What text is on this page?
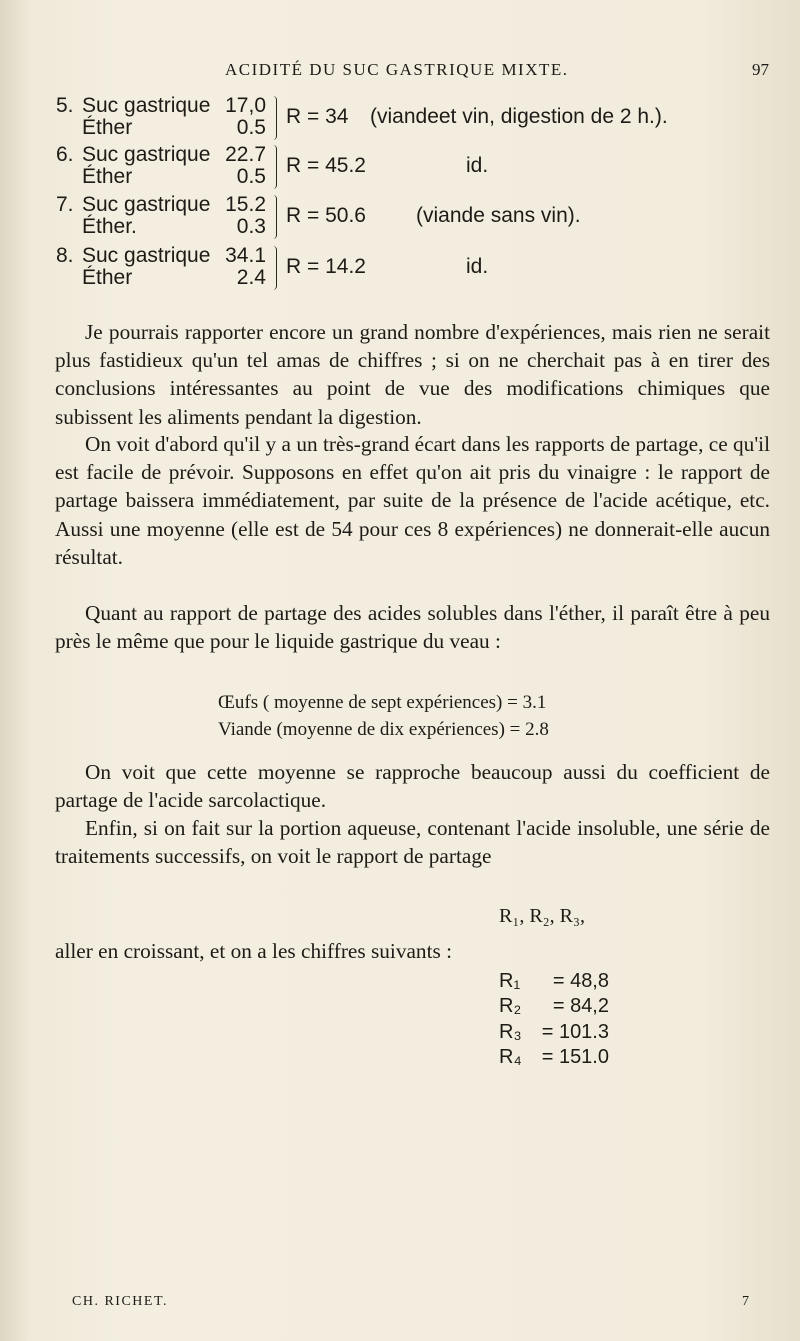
ACIDITÉ DU SUC GASTRIQUE MIXTE.	97
5. Suc gastrique 17,0
Éther	0.5 R = 34 (viandeet vin, digestion de 2 h.).
6. Suc gastrique 22.7
Éther	0.5 R = 45.2	id.
7. Suc gastrique 15.2
Éther.	0.3 R = 50.6 (viande sans vin).
8. Suc gastrique 34.1
Éther	2.4 R = 14.2	id.

Je pourrais rapporter encore un grand nombre d'expériences, mais rien ne serait plus fastidieux qu'un tel amas de chiffres ; si on ne cherchait pas à en tirer des conclusions intéressantes au point de vue des modifications chimiques que subissent les aliments pendant la digestion.

On voit d'abord qu'il y a un très-grand écart dans les rapports de partage, ce qu'il est facile de prévoir. Supposons en effet qu'on ait pris du vinaigre : le rapport de partage baissera immédiatement, par suite de la présence de l'acide acétique, etc. Aussi une moyenne (elle est de 54 pour ces 8 expériences) ne donnerait-elle aucun résultat.

Quant au rapport de partage des acides solubles dans l'éther, il paraît être à peu près le même que pour le liquide gastrique du veau :

Œufs ( moyenne de sept expériences) = 3.1
Viande (moyenne de dix expériences) = 2.8

On voit que cette moyenne se rapproche beaucoup aussi du coefficient de partage de l'acide sarcolactique.

Enfin, si on fait sur la portion aqueuse, contenant l'acide insoluble, une série de traitements successifs, on voit le rapport de partage

R₁, R₂, R₃,

aller en croissant, et on a les chiffres suivants :

R₁	= 48,8
R₂	= 84,2
R₃	= 101.3
R₄	= 151.0
CH. RICHET.	7
